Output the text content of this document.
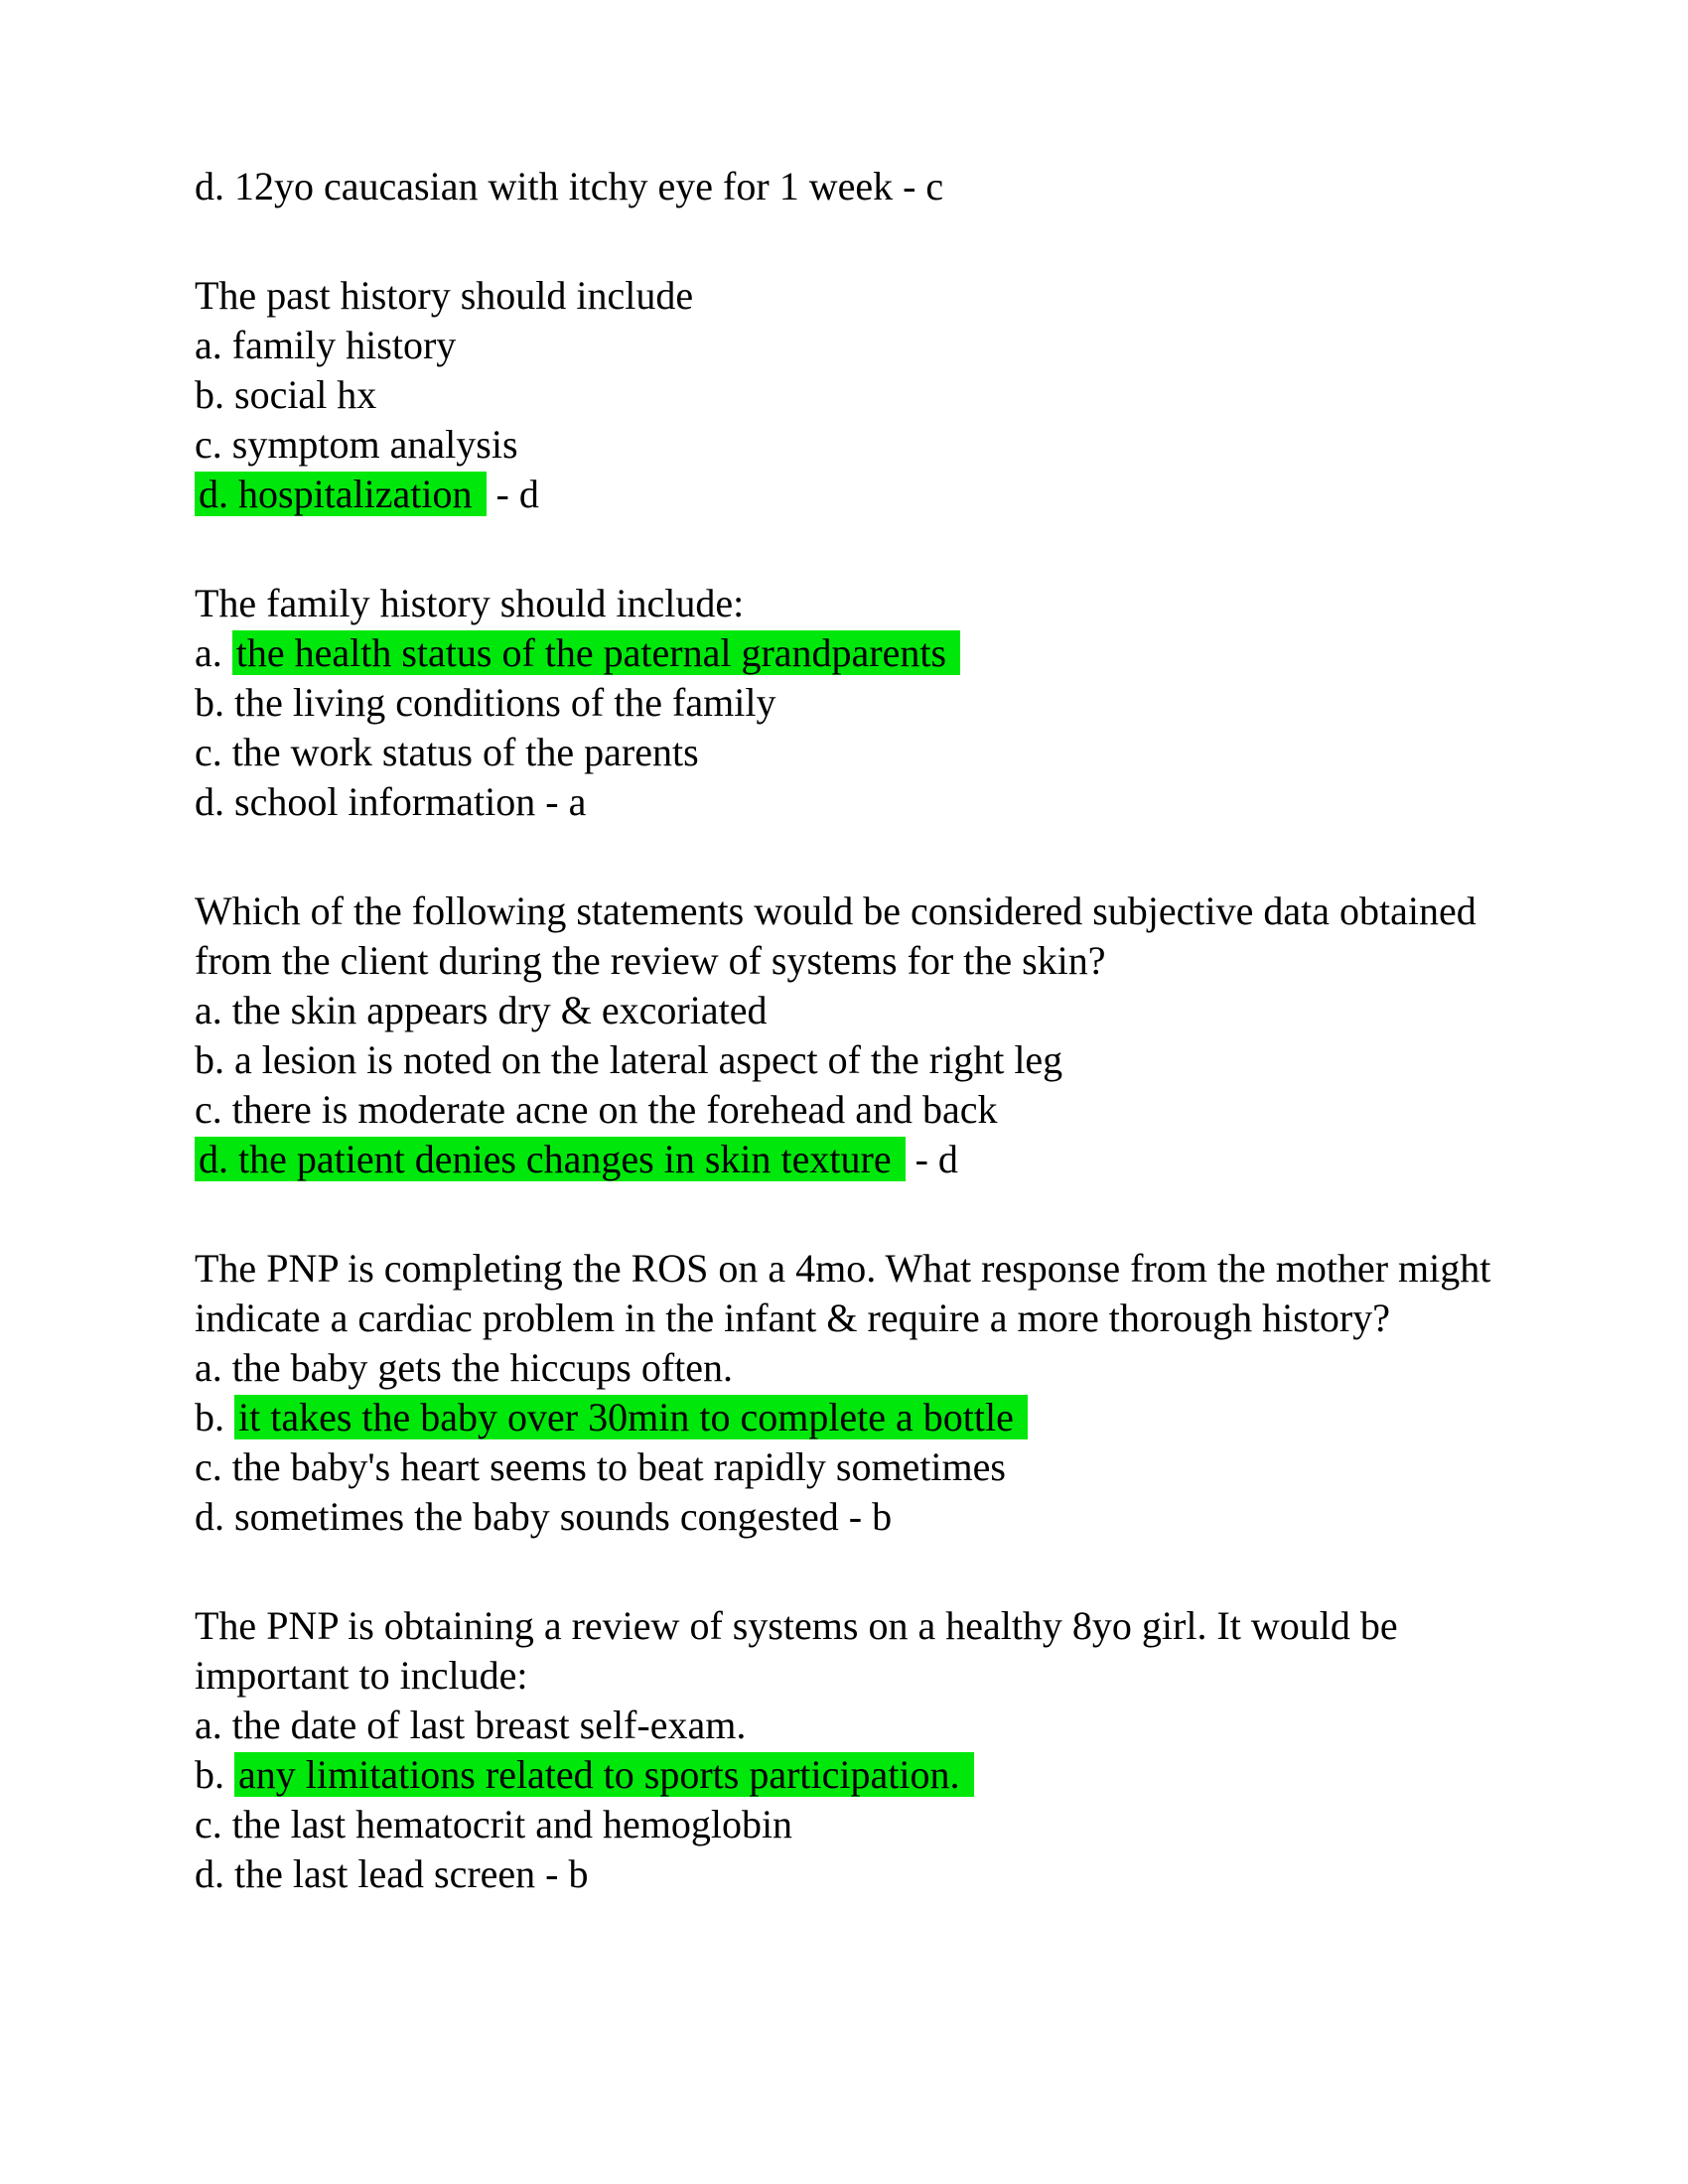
d. 12yo caucasian with itchy eye for 1 week - c
The past history should include
a. family history
b. social hx
c. symptom analysis
d. hospitalization - d
The family history should include:
a. the health status of the paternal grandparents
b. the living conditions of the family
c. the work status of the parents
d. school information - a
Which of the following statements would be considered subjective data obtained
from the client during the review of systems for the skin?
a. the skin appears dry & excoriated
b. a lesion is noted on the lateral aspect of the right leg
c. there is moderate acne on the forehead and back
d. the patient denies changes in skin texture - d
The PNP is completing the ROS on a 4mo. What response from the mother might
indicate a cardiac problem in the infant & require a more thorough history?
a. the baby gets the hiccups often.
b. it takes the baby over 30min to complete a bottle
c. the baby's heart seems to beat rapidly sometimes
d. sometimes the baby sounds congested - b
The PNP is obtaining a review of systems on a healthy 8yo girl. It would be
important to include:
a. the date of last breast self-exam.
b. any limitations related to sports participation.
c. the last hematocrit and hemoglobin
d. the last lead screen - b
